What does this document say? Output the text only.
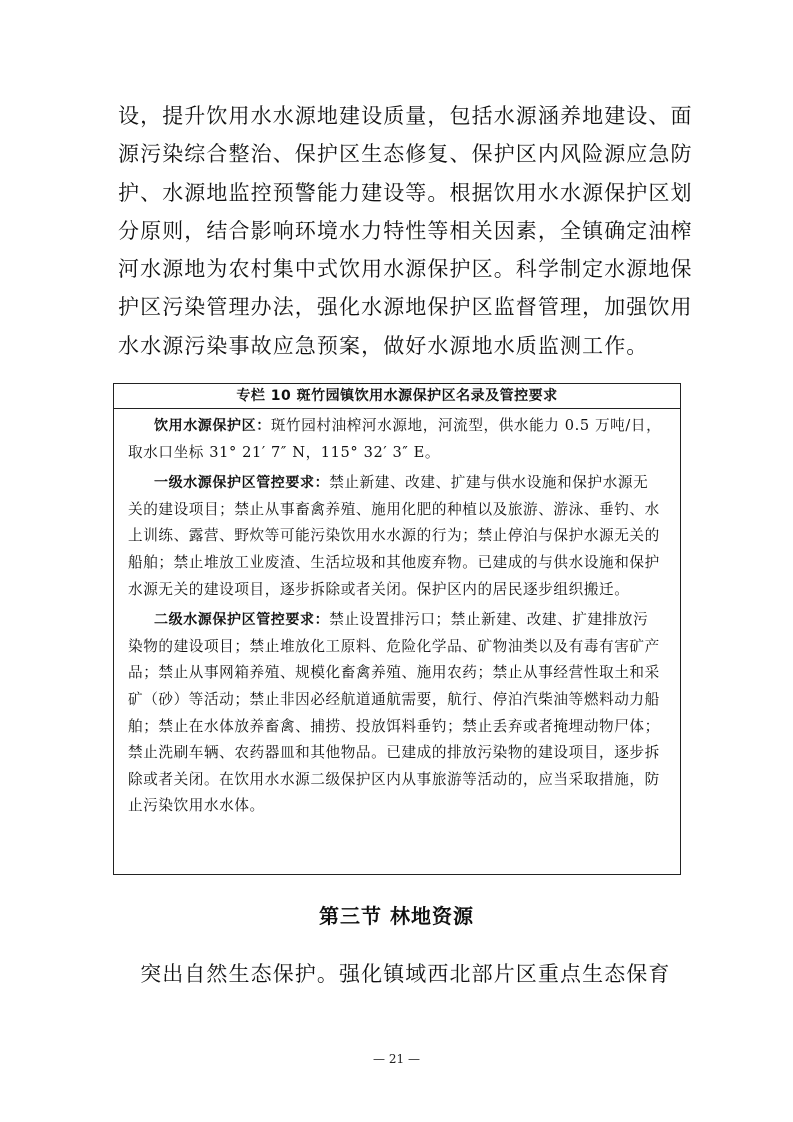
设，提升饮用水水源地建设质量，包括水源涵养地建设、面
源污染综合整治、保护区生态修复、保护区内风险源应急防
护、水源地监控预警能力建设等。根据饮用水水源保护区划
分原则，结合影响环境水力特性等相关因素，全镇确定油榨
河水源地为农村集中式饮用水源保护区。科学制定水源地保
护区污染管理办法，强化水源地保护区监督管理，加强饮用
水水源污染事故应急预案，做好水源地水质监测工作。
专栏 10 斑竹园镇饮用水源保护区名录及管控要求
饮用水源保护区：斑竹园村油榨河水源地，河流型，供水能力 0.5 万吨/日，
取水口坐标 31° 21′ 7″ N，115° 32′ 3″ E。
一级水源保护区管控要求：禁止新建、改建、扩建与供水设施和保护水源无
关的建设项目；禁止从事畜禽养殖、施用化肥的种植以及旅游、游泳、垂钓、水
上训练、露营、野炊等可能污染饮用水水源的行为；禁止停泊与保护水源无关的
船舶；禁止堆放工业废渣、生活垃圾和其他废弃物。已建成的与供水设施和保护
水源无关的建设项目，逐步拆除或者关闭。保护区内的居民逐步组织搬迁。
二级水源保护区管控要求：禁止设置排污口；禁止新建、改建、扩建排放污
染物的建设项目；禁止堆放化工原料、危险化学品、矿物油类以及有毒有害矿产
品；禁止从事网箱养殖、规模化畜禽养殖、施用农药；禁止从事经营性取土和采
矿（砂）等活动；禁止非因必经航道通航需要，航行、停泊汽柴油等燃料动力船
舶；禁止在水体放养畜禽、捕捞、投放饵料垂钓；禁止丢弃或者掩埋动物尸体；
禁止洗刷车辆、农药器皿和其他物品。已建成的排放污染物的建设项目，逐步拆
除或者关闭。在饮用水水源二级保护区内从事旅游等活动的，应当采取措施，防
止污染饮用水水体。
第三节 林地资源
　突出自然生态保护。强化镇域西北部片区重点生态保育
— 21 —
